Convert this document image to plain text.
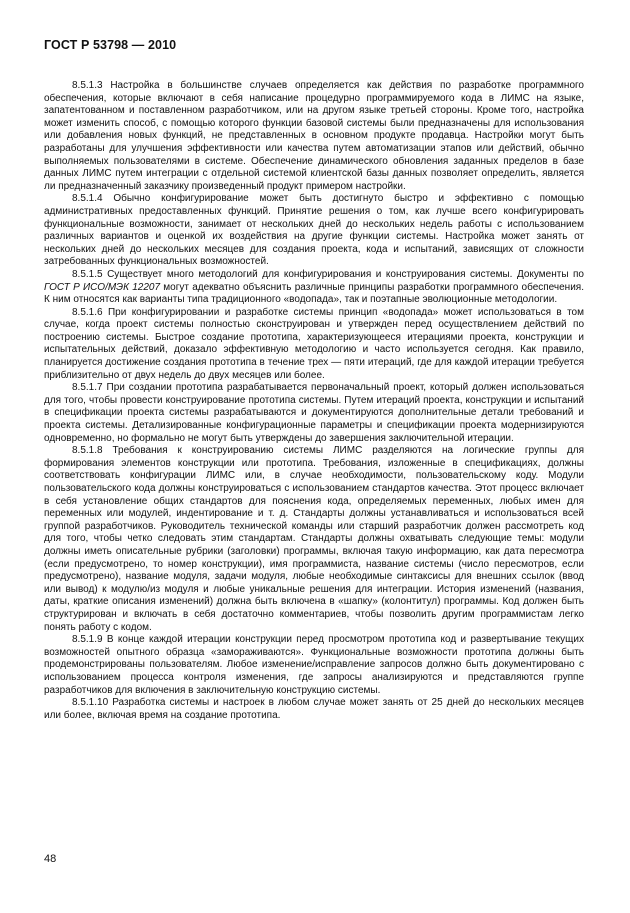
ГОСТ Р 53798 — 2010

8.5.1.3 Настройка в большинстве случаев определяется как действия по разработке программного обеспечения, которые включают в себя написание процедурно программируемого кода в ЛИМС на языке, запатентованном и поставленном разработчиком, или на другом языке третьей стороны. Кроме того, настройка может изменить способ, с помощью которого функции базовой системы были предназначены для использования или добавления новых функций, не представленных в основном продукте продавца. Настройки могут быть разработаны для улучшения эффективности или качества путем автоматизации этапов или действий, обычно выполняемых пользователями в системе. Обеспечение динамического обновления заданных пределов в базе данных ЛИМС путем интеграции с отдельной системой клиентской базы данных позволяет определить, является ли предназначенный заказчику произведенный продукт примером настройки.

8.5.1.4 Обычно конфигурирование может быть достигнуто быстро и эффективно с помощью административных предоставленных функций. Принятие решения о том, как лучше всего конфигурировать функциональные возможности, занимает от нескольких дней до нескольких недель работы с использованием различных вариантов и оценкой их воздействия на другие функции системы. Настройка может занять от нескольких дней до нескольких месяцев для создания проекта, кода и испытаний, зависящих от сложности затребованных функциональных возможностей.

8.5.1.5 Существует много методологий для конфигурирования и конструирования системы. Документы по ГОСТ Р ИСО/МЭК 12207 могут адекватно объяснить различные принципы разработки программного обеспечения. К ним относятся как варианты типа традиционного «водопада», так и поэтапные эволюционные методологии.

8.5.1.6 При конфигурировании и разработке системы принцип «водопада» может использоваться в том случае, когда проект системы полностью сконструирован и утвержден перед осуществлением действий по построению системы. Быстрое создание прототипа, характеризующееся итерациями проекта, конструкции и испытательных действий, доказало эффективную методологию и часто используется сегодня. Как правило, планируется достижение создания прототипа в течение трех — пяти итераций, где для каждой итерации требуется приблизительно от двух недель до двух месяцев или более.

8.5.1.7 При создании прототипа разрабатывается первоначальный проект, который должен использоваться для того, чтобы провести конструирование прототипа системы. Путем итераций проекта, конструкции и испытаний в спецификации проекта системы разрабатываются и документируются дополнительные детали требований и проекта системы. Детализированные конфигурационные параметры и спецификации проекта модернизируются одновременно, но формально не могут быть утверждены до завершения заключительной итерации.

8.5.1.8 Требования к конструированию системы ЛИМС разделяются на логические группы для формирования элементов конструкции или прототипа. Требования, изложенные в спецификациях, должны соответствовать конфигурации ЛИМС или, в случае необходимости, пользовательскому коду. Модули пользовательского кода должны конструироваться с использованием стандартов качества. Этот процесс включает в себя установление общих стандартов для пояснения кода, определяемых переменных, любых имен для переменных или модулей, индентирование и т. д. Стандарты должны устанавливаться и использоваться всей группой разработчиков. Руководитель технической команды или старший разработчик должен рассмотреть код для того, чтобы четко следовать этим стандартам. Стандарты должны охватывать следующие темы: модули должны иметь описательные рубрики (заголовки) программы, включая такую информацию, как дата пересмотра (если предусмотрено, то номер конструкции), имя программиста, название системы (число пересмотров, если предусмотрено), название модуля, задачи модуля, любые необходимые синтаксисы для внешних ссылок (ввод или вывод) к модулю/из модуля и любые уникальные решения для интеграции. История изменений (названия, даты, краткие описания изменений) должна быть включена в «шапку» (колонтитул) программы. Код должен быть структурирован и включать в себя достаточно комментариев, чтобы позволить другим программистам легко понять работу с кодом.

8.5.1.9 В конце каждой итерации конструкции перед просмотром прототипа код и развертывание текущих возможностей опытного образца «замораживаются». Функциональные возможности прототипа должны быть продемонстрированы пользователям. Любое изменение/исправление запросов должно быть документировано с использованием процесса контроля изменения, где запросы анализируются и представляются группе разработчиков для включения в заключительную конструкцию системы.

8.5.1.10 Разработка системы и настроек в любом случае может занять от 25 дней до нескольких месяцев или более, включая время на создание прототипа.

48
